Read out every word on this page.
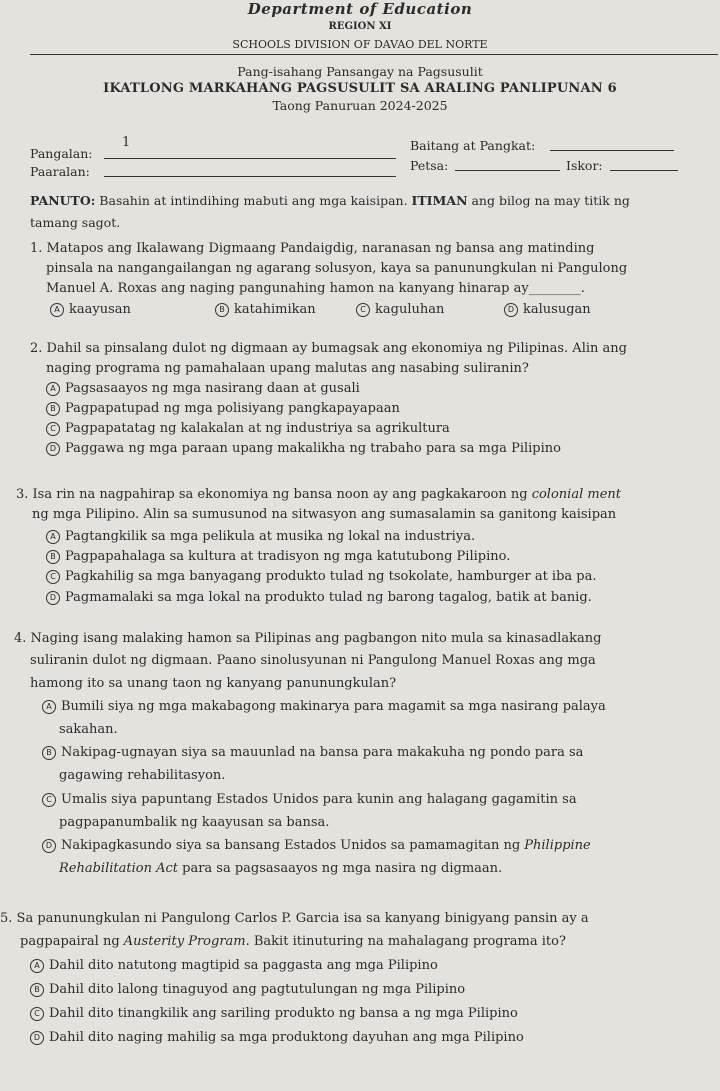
Department of Education
REGION XI
SCHOOLS DIVISION OF DAVAO DEL NORTE
Pang-isahang Pansangay na Pagsusulit
IKATLONG MARKAHANG PAGSUSULIT SA ARALING PANLIPUNAN 6
Taong Panuruan 2024-2025
Pangalan:
1
Paaralan:
Baitang at Pangkat:
Petsa:	Iskor:
PANUTO: Basahin at intindihing mabuti ang mga kaisipan. ITIMAN ang bilog na may titik ng
tamang sagot.
1. Matapos ang Ikalawang Digmaang Pandaigdig, naranasan ng bansa ang matinding
pinsala na nangangailangan ng agarang solusyon, kaya sa panunungkulan ni Pangulong
Manuel A. Roxas ang naging pangunahing hamon na kanyang hinarap ay________.
A kaayusan	B katahimikan	C kaguluhan	D kalusugan
2. Dahil sa pinsalang dulot ng digmaan ay bumagsak ang ekonomiya ng Pilipinas. Alin ang
naging programa ng pamahalaan upang malutas ang nasabing suliranin?
A Pagsasaayos ng mga nasirang daan at gusali
B Pagpapatupad ng mga polisiyang pangkapayapaan
C Pagpapatatag ng kalakalan at ng industriya sa agrikultura
D Paggawa ng mga paraan upang makalikha ng trabaho para sa mga Pilipino
3. Isa rin na nagpahirap sa ekonomiya ng bansa noon ay ang pagkakaroon ng colonial ment
ng mga Pilipino. Alin sa sumusunod na sitwasyon ang sumasalamin sa ganitong kaisipan
A Pagtangkilik sa mga pelikula at musika ng lokal na industriya.
B Pagpapahalaga sa kultura at tradisyon ng mga katutubong Pilipino.
C Pagkahilig sa mga banyagang produkto tulad ng tsokolate, hamburger at iba pa.
D Pagmamalaki sa mga lokal na produkto tulad ng barong tagalog, batik at banig.
4. Naging isang malaking hamon sa Pilipinas ang pagbangon nito mula sa kinasadlakang
suliranin dulot ng digmaan. Paano sinolusyunan ni Pangulong Manuel Roxas ang mga
hamong ito sa unang taon ng kanyang panunungkulan?
A Bumili siya ng mga makabagong makinarya para magamit sa mga nasirang palaya
sakahan.
B Nakipag-ugnayan siya sa mauunlad na bansa para makakuha ng pondo para sa
gagawing rehabilitasyon.
C Umalis siya papuntang Estados Unidos para kunin ang halagang gagamitin sa
pagpapanumbalik ng kaayusan sa bansa.
D Nakipagkasundo siya sa bansang Estados Unidos sa pamamagitan ng Philippine
Rehabilitation Act para sa pagsasaayos ng mga nasira ng digmaan.
5. Sa panunungkulan ni Pangulong Carlos P. Garcia isa sa kanyang binigyang pansin ay a
pagpapairal ng Austerity Program. Bakit itinuturing na mahalagang programa ito?
A Dahil dito natutong magtipid sa paggasta ang mga Pilipino
B Dahil dito lalong tinaguyod ang pagtutulungan ng mga Pilipino
C Dahil dito tinangkilik ang sariling produkto ng bansa a ng mga Pilipino
D Dahil dito naging mahilig sa mga produktong dayuhan ang mga Pilipino
